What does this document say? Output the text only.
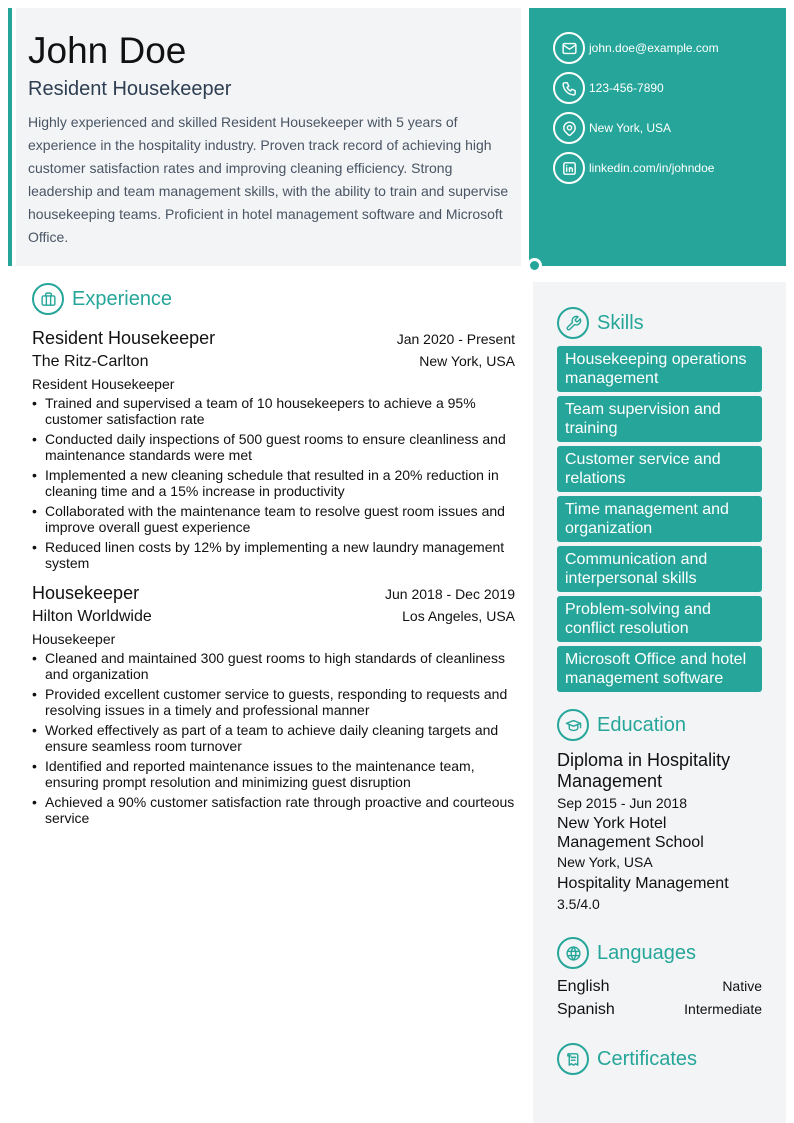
John Doe
Resident Housekeeper

Highly experienced and skilled Resident Housekeeper with 5 years of experience in the hospitality industry. Proven track record of achieving high customer satisfaction rates and improving cleaning efficiency. Strong leadership and team management skills, with the ability to train and supervise housekeeping teams. Proficient in hotel management software and Microsoft Office.

john.doe@example.com
123-456-7890
New York, USA
linkedin.com/in/johndoe
Experience
Resident Housekeeper	Jan 2020 - Present
The Ritz-Carlton	New York, USA
Resident Housekeeper
• Trained and supervised a team of 10 housekeepers to achieve a 95% customer satisfaction rate
• Conducted daily inspections of 500 guest rooms to ensure cleanliness and maintenance standards were met
• Implemented a new cleaning schedule that resulted in a 20% reduction in cleaning time and a 15% increase in productivity
• Collaborated with the maintenance team to resolve guest room issues and improve overall guest experience
• Reduced linen costs by 12% by implementing a new laundry management system
Housekeeper	Jun 2018 - Dec 2019
Hilton Worldwide	Los Angeles, USA
Housekeeper
• Cleaned and maintained 300 guest rooms to high standards of cleanliness and organization
• Provided excellent customer service to guests, responding to requests and resolving issues in a timely and professional manner
• Worked effectively as part of a team to achieve daily cleaning targets and ensure seamless room turnover
• Identified and reported maintenance issues to the maintenance team, ensuring prompt resolution and minimizing guest disruption
• Achieved a 90% customer satisfaction rate through proactive and courteous service
Skills
Housekeeping operations management
Team supervision and training
Customer service and relations
Time management and organization
Communication and interpersonal skills
Problem-solving and conflict resolution
Microsoft Office and hotel management software
Education
Diploma in Hospitality Management
Sep 2015 - Jun 2018
New York Hotel Management School
New York, USA
Hospitality Management
3.5/4.0
Languages
English	Native
Spanish	Intermediate
Certificates
